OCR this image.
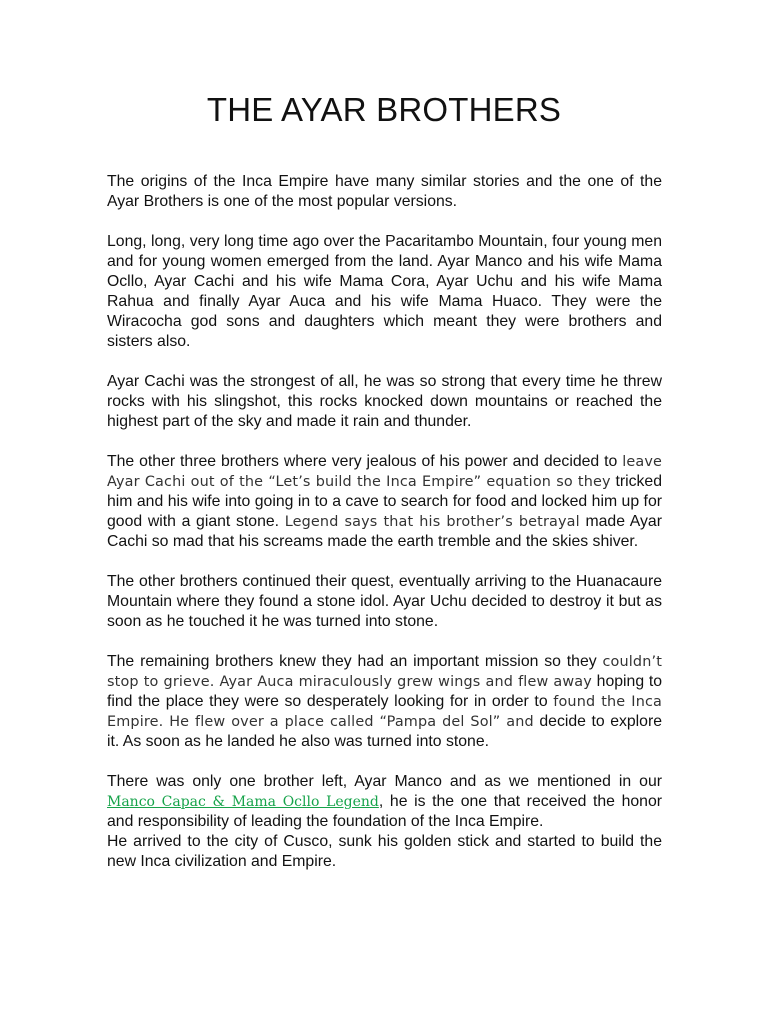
THE AYAR BROTHERS

The origins of the Inca Empire have many similar stories and the one of the Ayar Brothers is one of the most popular versions.

Long, long, very long time ago over the Pacaritambo Mountain, four young men and for young women emerged from the land. Ayar Manco and his wife Mama Ocllo, Ayar Cachi and his wife Mama Cora, Ayar Uchu and his wife Mama Rahua and finally Ayar Auca and his wife Mama Huaco. They were the Wiracocha god sons and daughters which meant they were brothers and sisters also.

Ayar Cachi was the strongest of all, he was so strong that every time he threw rocks with his slingshot, this rocks knocked down mountains or reached the highest part of the sky and made it rain and thunder.

The other three brothers where very jealous of his power and decided to leave Ayar Cachi out of the “Let’s build the Inca Empire” equation so they tricked him and his wife into going in to a cave to search for food and locked him up for good with a giant stone. Legend says that his brother’s betrayal made Ayar Cachi so mad that his screams made the earth tremble and the skies shiver.

The other brothers continued their quest, eventually arriving to the Huanacaure Mountain where they found a stone idol. Ayar Uchu decided to destroy it but as soon as he touched it he was turned into stone.

The remaining brothers knew they had an important mission so they couldn’t stop to grieve. Ayar Auca miraculously grew wings and flew away hoping to find the place they were so desperately looking for in order to found the Inca Empire. He flew over a place called “Pampa del Sol” and decide to explore it. As soon as he landed he also was turned into stone.

There was only one brother left, Ayar Manco and as we mentioned in our Manco Capac & Mama Ocllo Legend, he is the one that received the honor and responsibility of leading the foundation of the Inca Empire.

He arrived to the city of Cusco, sunk his golden stick and started to build the new Inca civilization and Empire.
